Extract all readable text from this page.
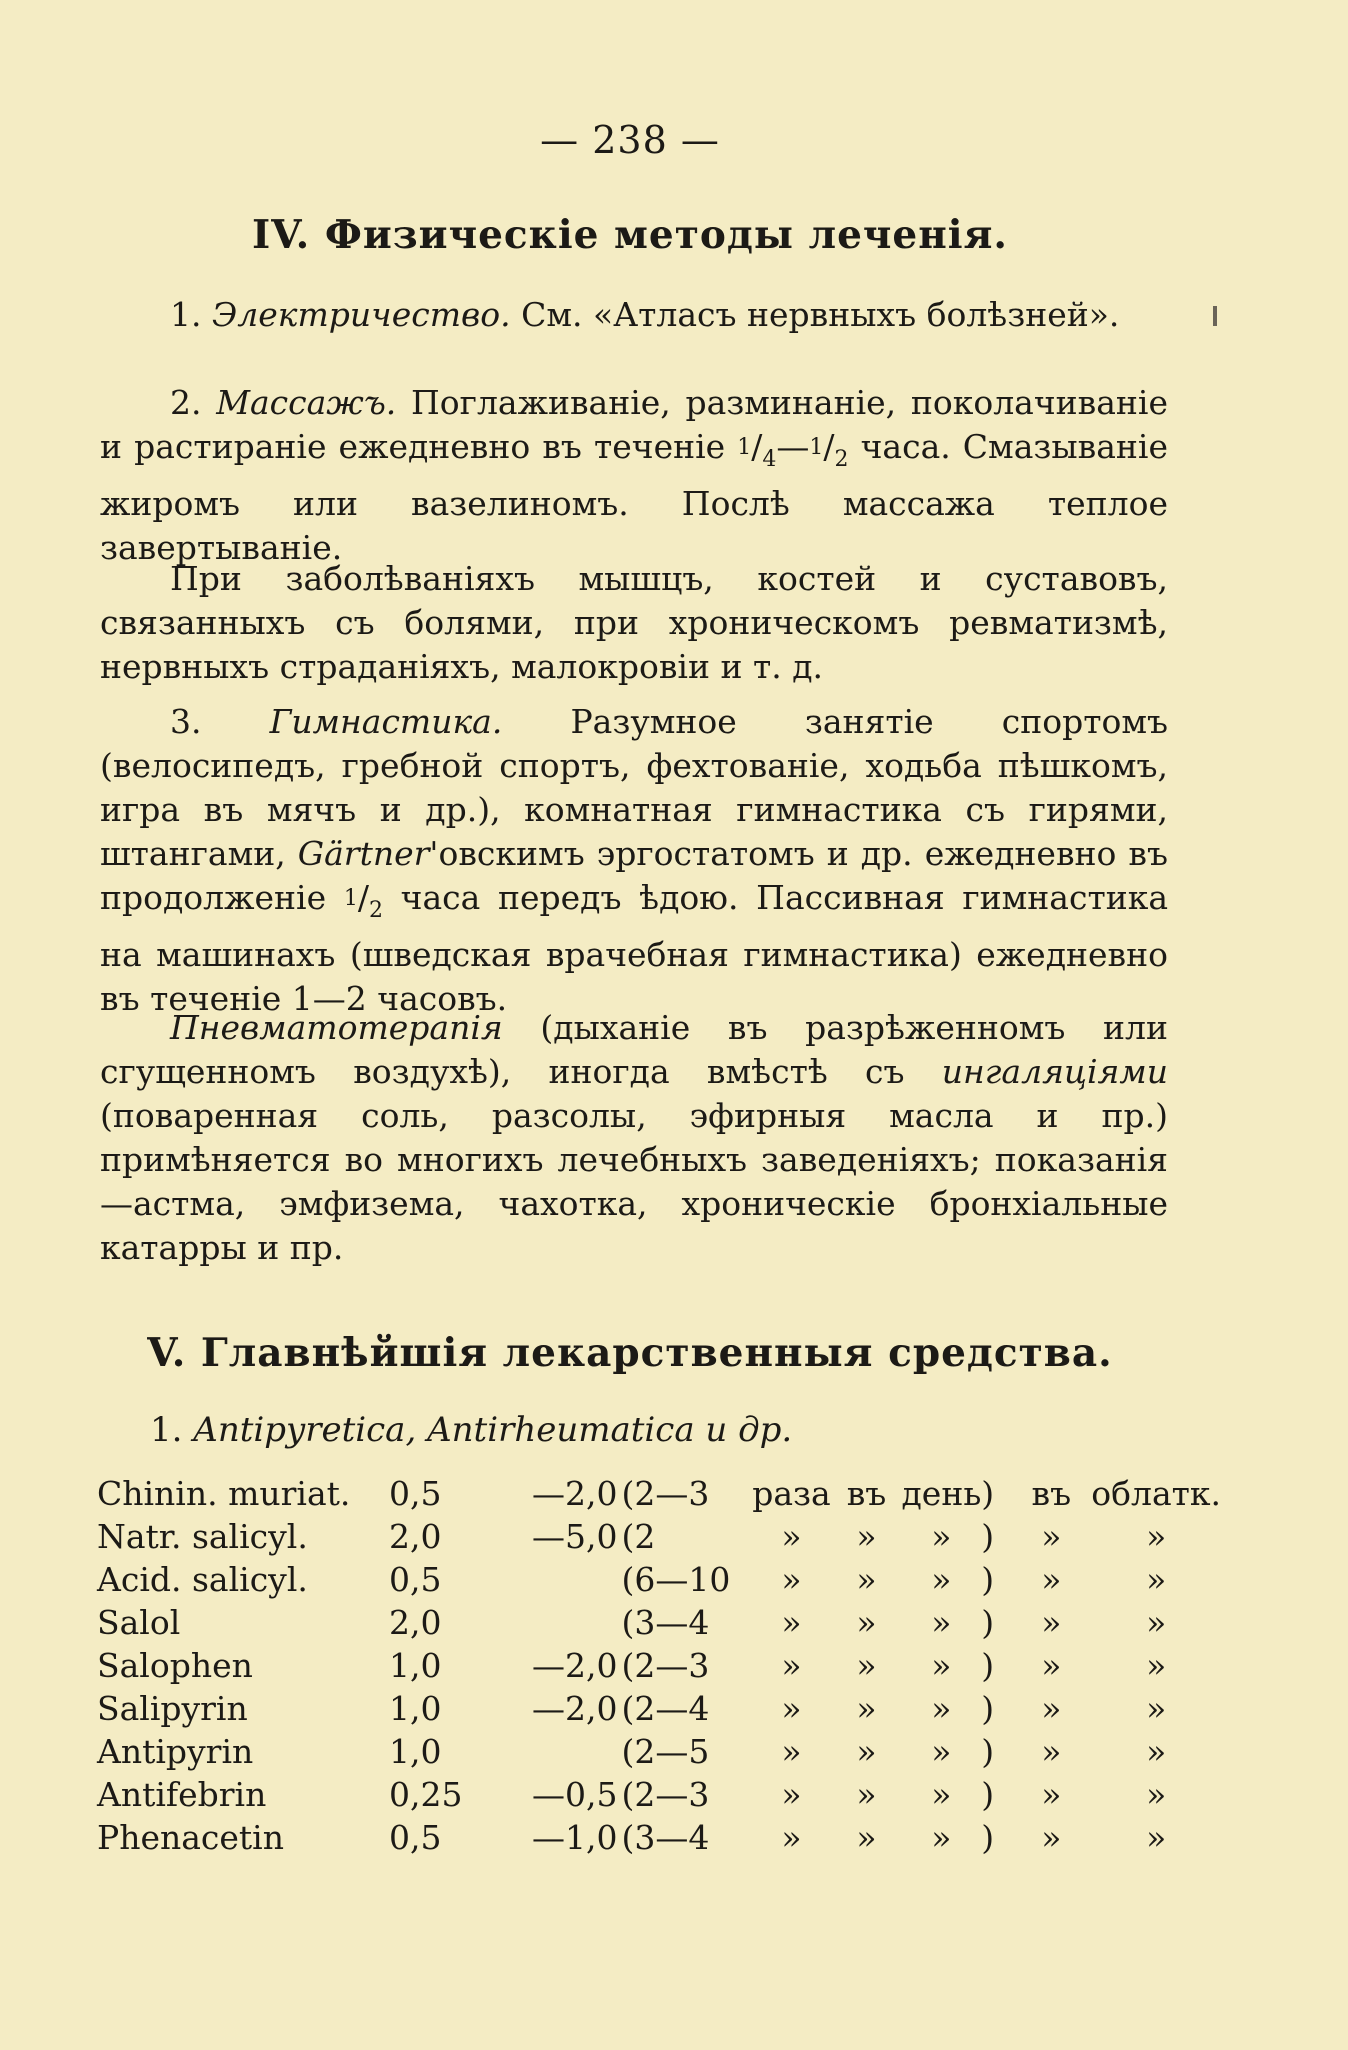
— 238 —
IV. Физическiе методы леченiя.

1. Электричество. См. «Атласъ нервныхъ болѣзней».

2. Массажъ. Поглаживанiе, разминанiе, поколачиванiе и растиранiе ежедневно въ теченiе $1/_4—1/_2$ часа. Смазыванiе жиромъ или вазелиномъ. Послѣ массажа теплое завертыванiе.

При заболѣванiяхъ мышцъ, костей и суставовъ, связанныхъ съ болями, при хроническомъ ревматизмѣ, нервныхъ страданiяхъ, малокровiи и т. д.

3. Гимнастика. Разумное занятiе спортомъ (велосипедъ, гребной спортъ, фехтованiе, ходьба пѣшкомъ, игра въ мячъ и др.), комнатная гимнастика съ гирями, штангами, Gärtner'овскимъ эргостатомъ и др. ежедневно въ продолженiе $1/_2$ часа передъ ѣдою. Пассивная гимнастика на машинахъ (шведская врачебная гимнастика) ежедневно въ теченiе 1—2 часовъ.

Пневматотерапiя (дыханiе въ разрѣженномъ или сгущенномъ воздухѣ), иногда вмѣстѣ съ ингаляцiями (поваренная соль, разсолы, эфирныя масла и пр.) примѣняется во многихъ лечебныхъ заведенiяхъ; показанiя—астма, эмфизема, чахотка, хроническiе бронхiальные катарры и пр.

V. Главнѣйшiя лекарственныя средства.
1. Antipyretica, Antirheumatica и др.
Chinin. muriat.	0,5	—2,0	(2—3	раза	въ	день	)	въ	облатк.
Natr. salicyl.	2,0	—5,0	(2	»	»	»	)	»	»
Acid. salicyl.	0,5		(6—10	»	»	»	)	»	»
Salol	2,0		(3—4	»	»	»	)	»	»
Salophen	1,0	—2,0	(2—3	»	»	»	)	»	»
Salipyrin	1,0	—2,0	(2—4	»	»	»	)	»	»
Antipyrin	1,0		(2—5	»	»	»	)	»	»
Antifebrin	0,25	—0,5	(2—3	»	»	»	)	»	»
Phenacetin	0,5	—1,0	(3—4	»	»	»	)	»	»
